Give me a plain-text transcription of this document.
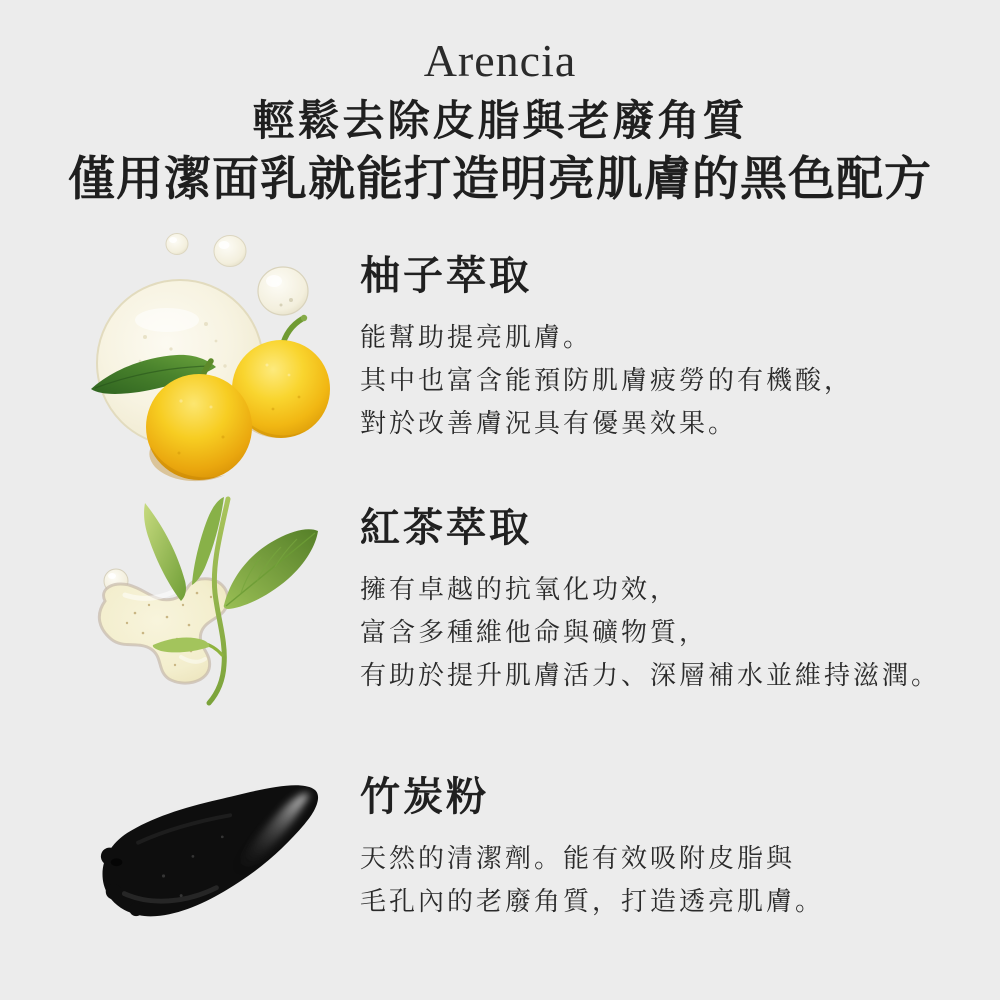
Arencia
輕鬆去除皮脂與老廢角質
僅用潔面乳就能打造明亮肌膚的黑色配方
柚子萃取

能幫助提亮肌膚。

其中也富含能預防肌膚疲勞的有機酸，

對於改善膚況具有優異效果。

紅茶萃取

擁有卓越的抗氧化功效，

富含多種維他命與礦物質，

有助於提升肌膚活力、深層補水並維持滋潤。

竹炭粉

天然的清潔劑。能有效吸附皮脂與

毛孔內的老廢角質，打造透亮肌膚。
